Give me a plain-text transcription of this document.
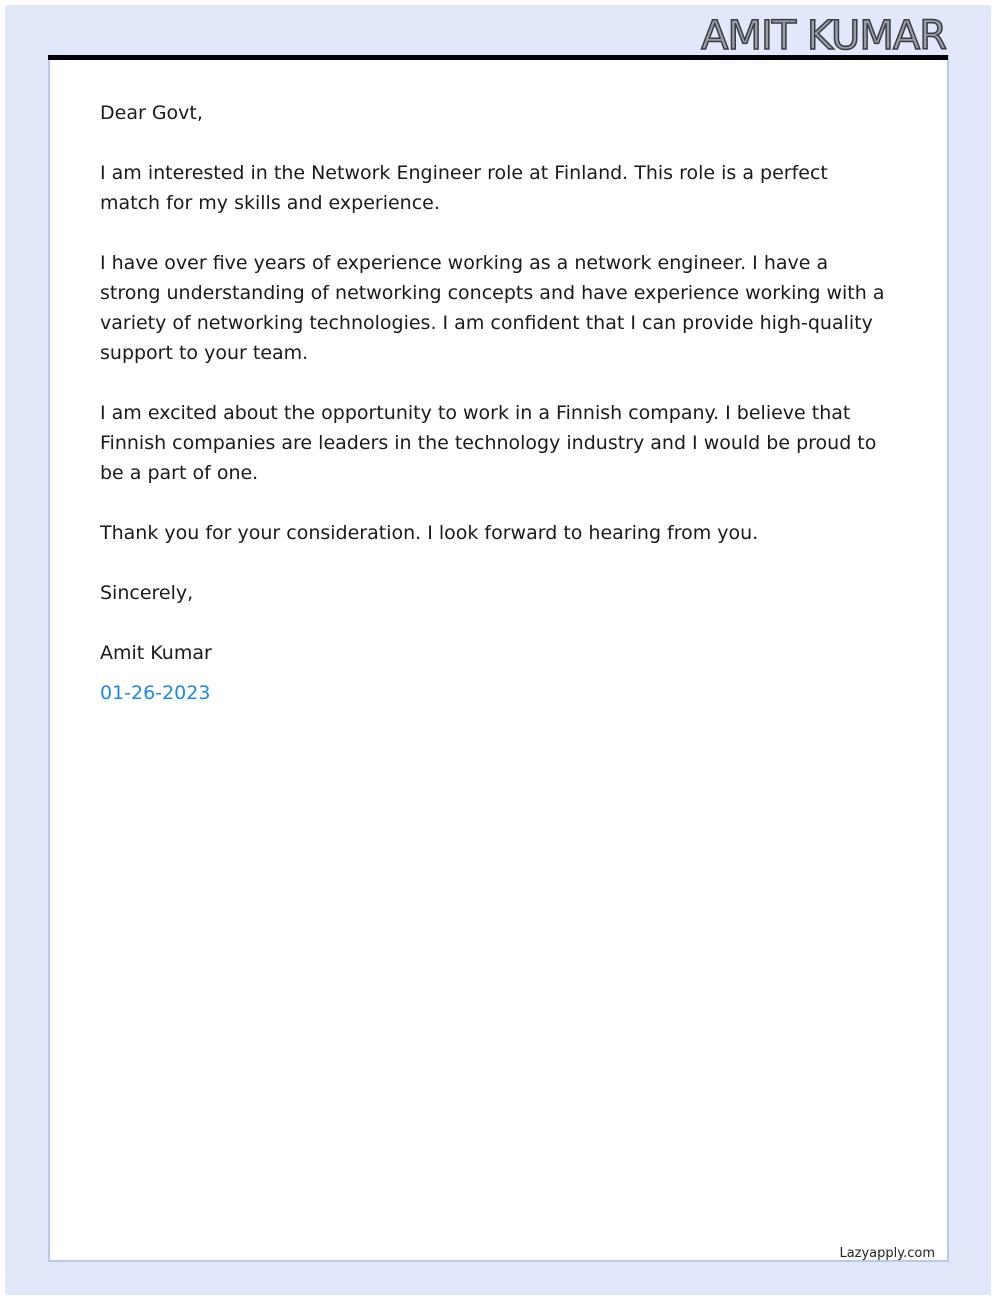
AMIT KUMAR

Dear Govt,

I am interested in the Network Engineer role at Finland. This role is a perfect match for my skills and experience.

I have over five years of experience working as a network engineer. I have a strong understanding of networking concepts and have experience working with a variety of networking technologies. I am confident that I can provide high-quality support to your team.

I am excited about the opportunity to work in a Finnish company. I believe that Finnish companies are leaders in the technology industry and I would be proud to be a part of one.

Thank you for your consideration. I look forward to hearing from you.

Sincerely,

Amit Kumar

01-26-2023
Lazyapply.com
